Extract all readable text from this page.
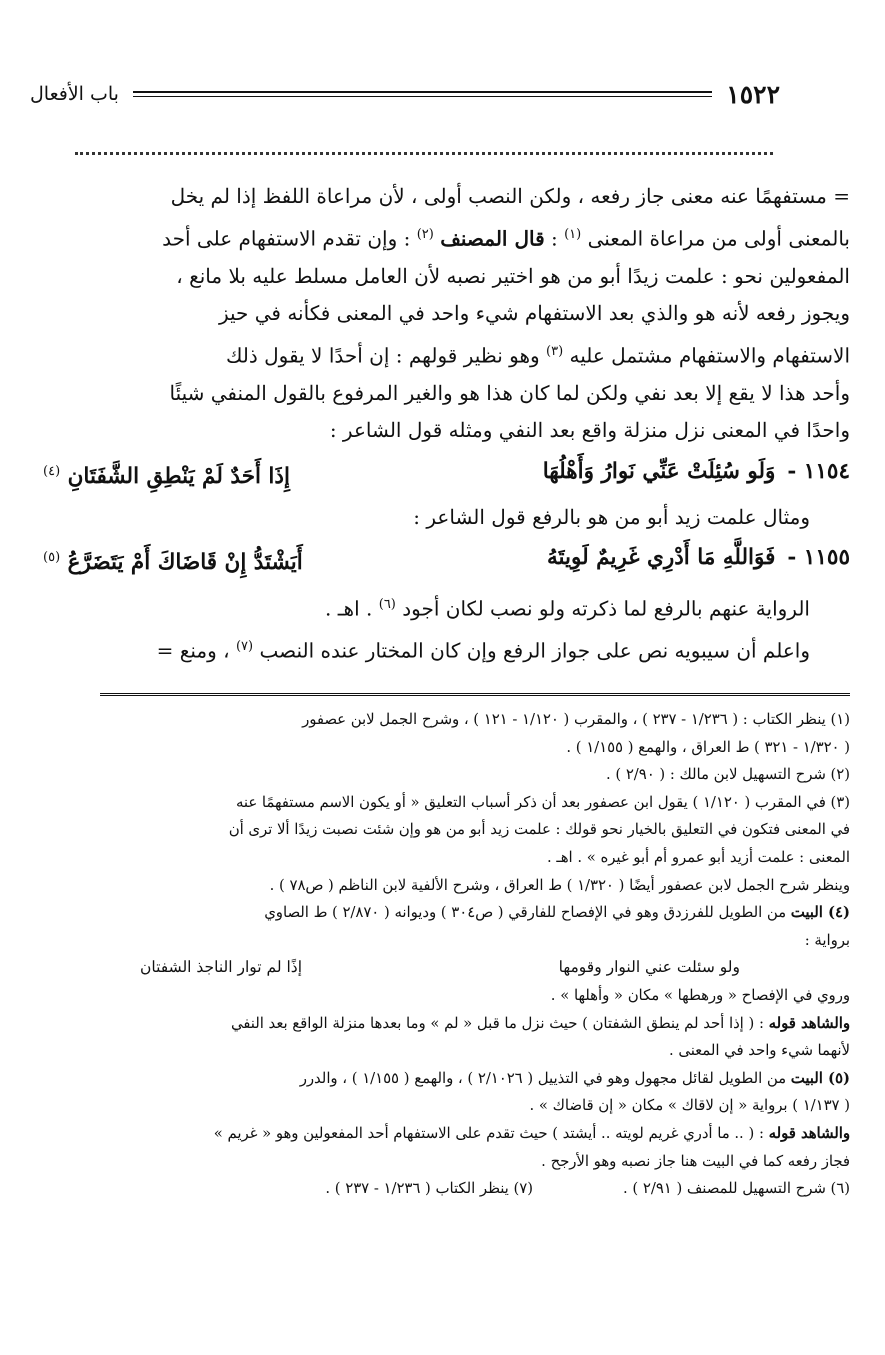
١٥٢٢
باب الأفعال

= مستفهمًا عنه معنى جاز رفعه ، ولكن النصب أولى ، لأن مراعاة اللفظ إذا لم يخل

بالمعنى أولى من مراعاة المعنى $^{(١)}$ : قال المصنف $^{(٢)}$ : وإن تقدم الاستفهام على أحد

المفعولين نحو : علمت زيدًا أبو من هو اختير نصبه لأن العامل مسلط عليه بلا مانع ،

ويجوز رفعه لأنه هو والذي بعد الاستفهام شيء واحد في المعنى فكأنه في حيز

الاستفهام والاستفهام مشتمل عليه $^{(٣)}$ وهو نظير قولهم : إن أحدًا لا يقول ذلك

وأحد هذا لا يقع إلا بعد نفي ولكن لما كان هذا هو والغير المرفوع بالقول المنفي شيئًا

واحدًا في المعنى نزل منزلة واقع بعد النفي ومثله قول الشاعر :

١١٥٤ -وَلَو سُئِلَتْ عَنِّي نَوارُ وَأَهْلُهَا
إِذَا أَحَدٌ لَمْ يَنْطِقِ الشَّفَتَانِ $^{(٤)}$

ومثال علمت زيد أبو من هو بالرفع قول الشاعر :

١١٥٥ -فَوَاللَّهِ مَا أَدْرِي غَرِيمٌ لَوِيتَهُ
أَيَشْتَدُّ إِنْ قَاضَاكَ أَمْ يَتَضَرَّعُ $^{(٥)}$

الرواية عنهم بالرفع لما ذكرته ولو نصب لكان أجود $^{(٦)}$ . اهـ .

واعلم أن سيبويه نص على جواز الرفع وإن كان المختار عنده النصب $^{(٧)}$ ، ومنع =

(١) ينظر الكتاب : ( ١/٢٣٦ - ٢٣٧ ) ، والمقرب ( ١/١٢٠ - ١٢١ ) ، وشرح الجمل لابن عصفور

( ١/٣٢٠ - ٣٢١ ) ط العراق ، والهمع ( ١/١٥٥ ) .

(٢) شرح التسهيل لابن مالك : ( ٢/٩٠ ) .

(٣) في المقرب ( ١/١٢٠ ) يقول ابن عصفور بعد أن ذكر أسباب التعليق « أو يكون الاسم مستفهمًا عنه

في المعنى فتكون في التعليق بالخيار نحو قولك : علمت زيد أبو من هو وإن شئت نصبت زيدًا ألا ترى أن

المعنى : علمت أزيد أبو عمرو أم أبو غيره » . اهـ .

وينظر شرح الجمل لابن عصفور أيضًا ( ١/٣٢٠ ) ط العراق ، وشرح الألفية لابن الناظم ( ص٧٨ ) .

(٤) البيت من الطويل للفرزدق وهو في الإفصاح للفارقي ( ص٣٠٤ ) وديوانه ( ٢/٨٧٠ ) ط الصاوي

برواية :

ولو سئلت عني النوار وقومها
إذًا لم توار الناجذ الشفتان

وروي في الإفصاح « ورهطها » مكان « وأهلها » .

والشاهد قوله : ( إذا أحد لم ينطق الشفتان ) حيث نزل ما قبل « لم » وما بعدها منزلة الواقع بعد النفي

لأنهما شيء واحد في المعنى .

(٥) البيت من الطويل لقائل مجهول وهو في التذييل ( ٢/١٠٢٦ ) ، والهمع ( ١/١٥٥ ) ، والدرر

( ١/١٣٧ ) برواية « إن لاقاك » مكان « إن قاضاك » .

والشاهد قوله : ( .. ما أدري غريم لويته .. أيشتد ) حيث تقدم على الاستفهام أحد المفعولين وهو « غريم »

فجاز رفعه كما في البيت هنا جاز نصبه وهو الأرجح .

(٦) شرح التسهيل للمصنف ( ٢/٩١ ) .
(٧) ينظر الكتاب ( ١/٢٣٦ - ٢٣٧ ) .
